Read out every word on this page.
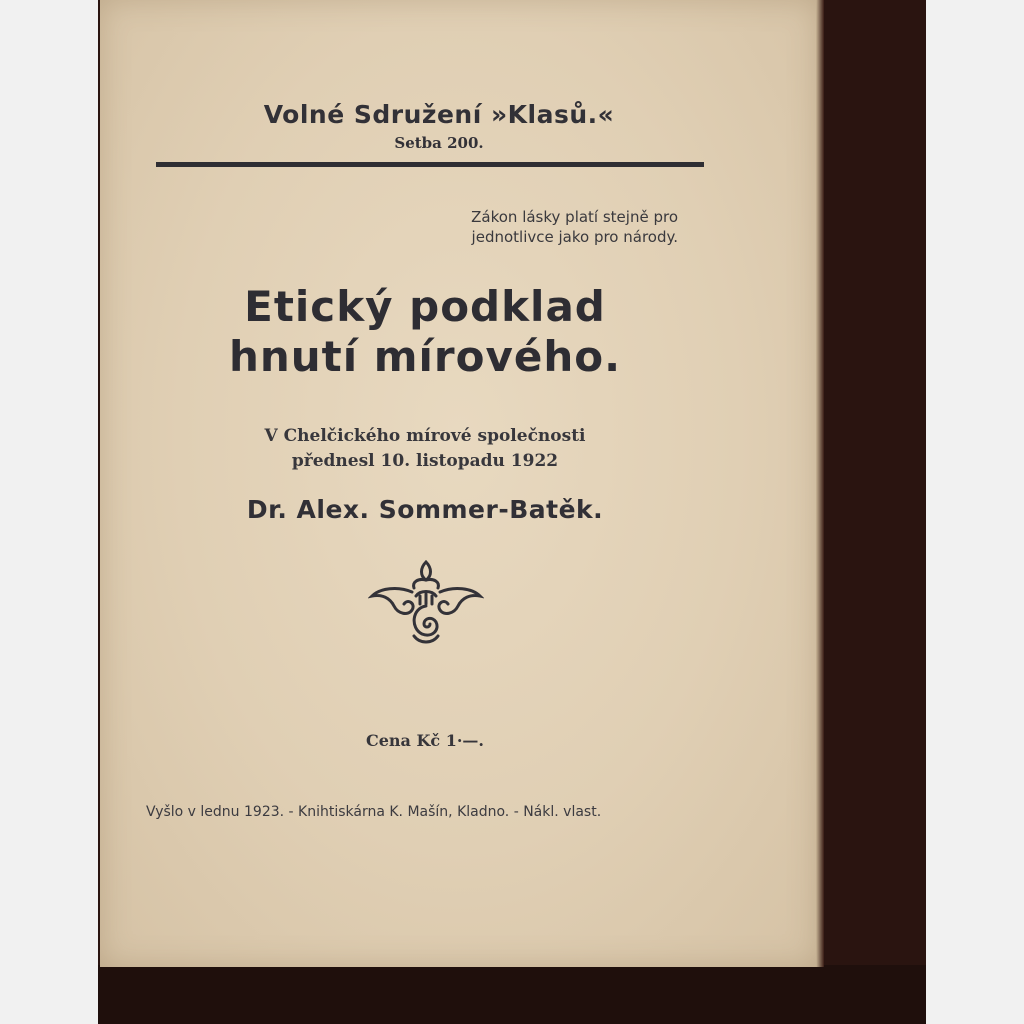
Volné Sdružení »Klasů.«
Setba 200.
Zákon lásky platí stejně pro
jednotlivce jako pro národy.
Etický podklad
hnutí mírového.
V Chelčického mírové společnosti
přednesl 10. listopadu 1922
Dr. Alex. Sommer-Batěk.
Cena Kč 1·—.
Vyšlo v lednu 1923. - Knihtiskárna K. Mašín, Kladno. - Nákl. vlast.
